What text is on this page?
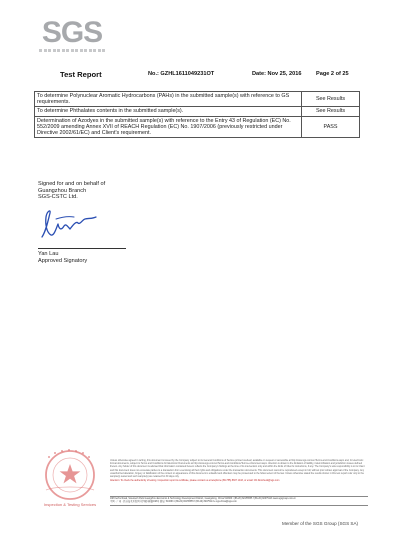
SGS
Test Report	No.: GZHL1611049231OT	Date: Nov 25, 2016	Page 2 of 25
To determine Polynuclear Aromatic Hydrocarbons (PAHs) in the submitted sample(s) with reference to GS requirements.	See Results
To determine Phthalates contents in the submitted sample(s).	See Results
Determination of Azodyes in the submitted sample(s) with reference to the Entry 43 of Regulation (EC) No. 552/2009 amending Annex XVII of REACH Regulation (EC) No. 1907/2006 (previously restricted under Directive 2002/61/EC) and Client's requirement.	PASS
Signed for and on behalf of
Guangzhou Branch
SGS-CSTC Ltd.
Yan Lau
Approved Signatory
Inspection & Testing Services
Unless otherwise agreed in writing, this document is issued by the Company subject to its General Conditions of Service printed overleaf, available on request or accessible at http://www.sgs.com/en/Terms-and-Conditions.aspx and, for electronic format documents, subject to Terms and Conditions for Electronic Documents at http://www.sgs.com/en/Terms-and-Conditions/Terms-e-Document.aspx. Attention is drawn to the limitation of liability, indemnification and jurisdiction issues defined therein. Any holder of this document is advised that information contained hereon reflects the Company's findings at the time of its intervention only and within the limits of Client's instructions, if any. The Company's sole responsibility is to its Client and this document does not exonerate parties to a transaction from exercising all their rights and obligations under the transaction documents. This document cannot be reproduced except in full, without prior written approval of the Company. Any unauthorized alteration, forgery or falsification of the content or appearance of this document is unlawful and offenders may be prosecuted to the fullest extent of the law. Unless otherwise stated the results shown in this test report refer only to the sample(s) tested and such sample(s) are retained for 30 days only.
Attention: To check the authenticity of testing / inspection report & certificate, please contact us at telephone (86-755) 8307 1443, or email: CN.Doccheck@sgs.com
198 Kezhu Road, Scientech Park Guangzhou Economic & Technology Development District, Guangdong, China 510663 t (86-20) 82155555 f (86-20) 82075113 www.sgsgroup.com.cn
中国 · 广州 · 经济技术开发区科学城科珠路198号 邮编: 510663 t (86-20) 82155555 f (86-20) 82075113 e sgs.china@sgs.com
Member of the SGS Group (SGS SA)
